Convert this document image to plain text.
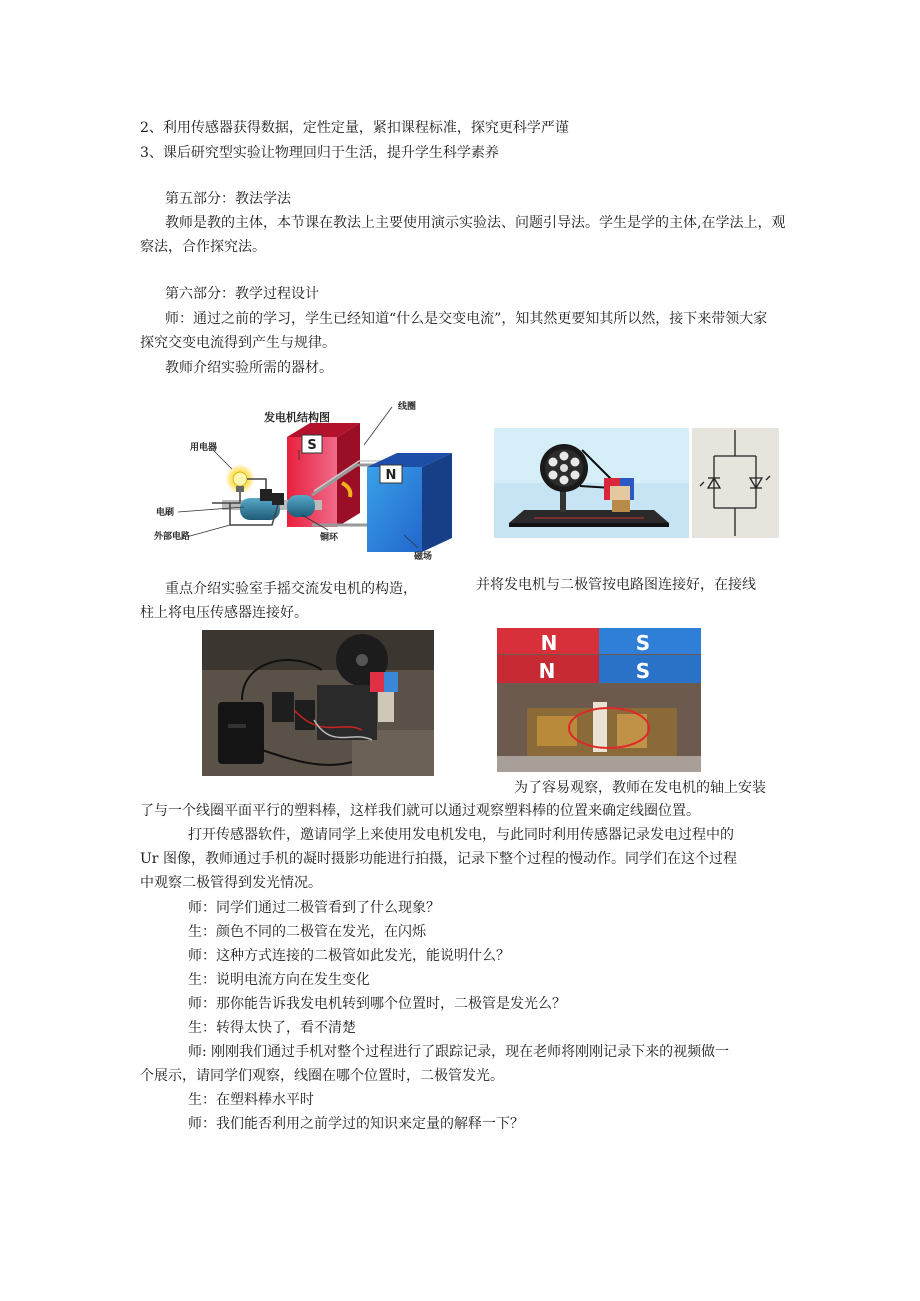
2、利用传感器获得数据，定性定量，紧扣课程标准，探究更科学严谨
3、课后研究型实验让物理回归于生活，提升学生科学素养
第五部分：教法学法
教师是教的主体，本节课在教法上主要使用演示实验法、问题引导法。学生是学的主体,在学法上，观
察法，合作探究法。
第六部分：教学过程设计
师：通过之前的学习，学生已经知道“什么是交变电流”，知其然更要知其所以然，接下来带领大家
探究交变电流得到产生与规律。
教师介绍实验所需的器材。
S
N
发电机结构图
线圈
用电器
电刷
外部电路	铜环
磁场
重点介绍实验室手摇交流发电机的构造，
柱上将电压传感器连接好。
并将发电机与二极管按电路图连接好，在接线
N	S
N	S
为了容易观察，教师在发电机的轴上安装
了与一个线圈平面平行的塑料棒，这样我们就可以通过观察塑料棒的位置来确定线圈位置。
打开传感器软件，邀请同学上来使用发电机发电，与此同时利用传感器记录发电过程中的
Ur 图像，教师通过手机的凝时摄影功能进行拍摄，记录下整个过程的慢动作。同学们在这个过程
中观察二极管得到发光情况。
师：同学们通过二极管看到了什么现象？
生：颜色不同的二极管在发光，在闪烁
师：这种方式连接的二极管如此发光，能说明什么？
生：说明电流方向在发生变化
师：那你能告诉我发电机转到哪个位置时，二极管是发光么？
生：转得太快了，看不清楚
师: 刚刚我们通过手机对整个过程进行了跟踪记录，现在老师将刚刚记录下来的视频做一
个展示，请同学们观察，线圈在哪个位置时，二极管发光。
生：在塑料棒水平时
师：我们能否利用之前学过的知识来定量的解释一下？
